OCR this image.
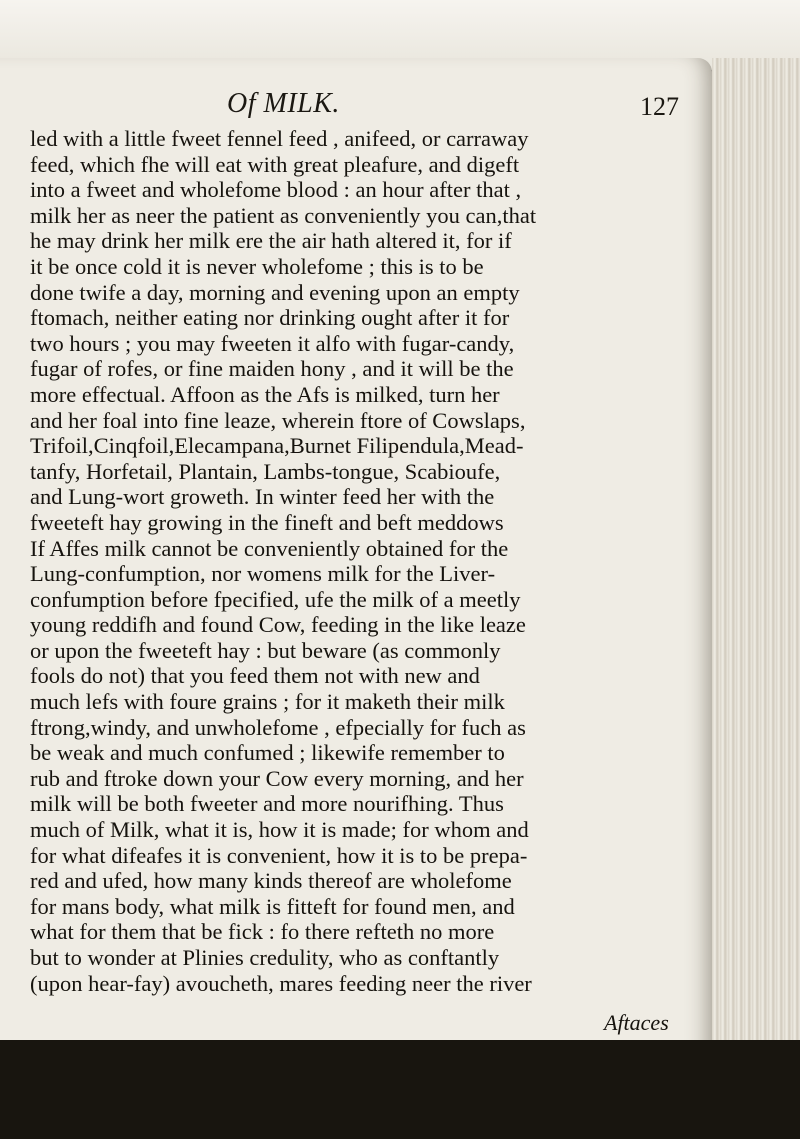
Of MILK.	127
led with a little fweet fennel feed , anifeed, or carraway
feed, which fhe will eat with great pleafure, and digeft
into a fweet and wholefome blood : an hour after that ,
milk her as neer the patient as conveniently you can,that
he may drink her milk ere the air hath altered it, for if
it be once cold it is never wholefome ; this is to be
done twife a day, morning and evening upon an empty
ftomach, neither eating nor drinking ought after it for
two hours ; you may fweeten it alfo with fugar-candy,
fugar of rofes, or fine maiden hony , and it will be the
more effectual. Affoon as the Afs is milked, turn her
and her foal into fine leaze, wherein ftore of Cowslaps,
Trifoil,Cinqfoil,Elecampana,Burnet Filipendula,Mead-
tanfy, Horfetail, Plantain, Lambs-tongue, Scabioufe,
and Lung-wort groweth. In winter feed her with the
fweeteft hay growing in the fineft and beft meddows
If Affes milk cannot be conveniently obtained for the
Lung-confumption, nor womens milk for the Liver-
confumption before fpecified, ufe the milk of a meetly
young reddifh and found Cow, feeding in the like leaze
or upon the fweeteft hay : but beware (as commonly
fools do not) that you feed them not with new and
much lefs with foure grains ; for it maketh their milk
ftrong,windy, and unwholefome , efpecially for fuch as
be weak and much confumed ; likewife remember to
rub and ftroke down your Cow every morning, and her
milk will be both fweeter and more nourifhing. Thus
much of Milk, what it is, how it is made; for whom and
for what difeafes it is convenient, how it is to be prepa-
red and ufed, how many kinds thereof are wholefome
for mans body, what milk is fitteft for found men, and
what for them that be fick : fo there refteth no more
but to wonder at Plinies credulity, who as conftantly
(upon hear-fay) avoucheth, mares feeding neer the river
Aftaces
